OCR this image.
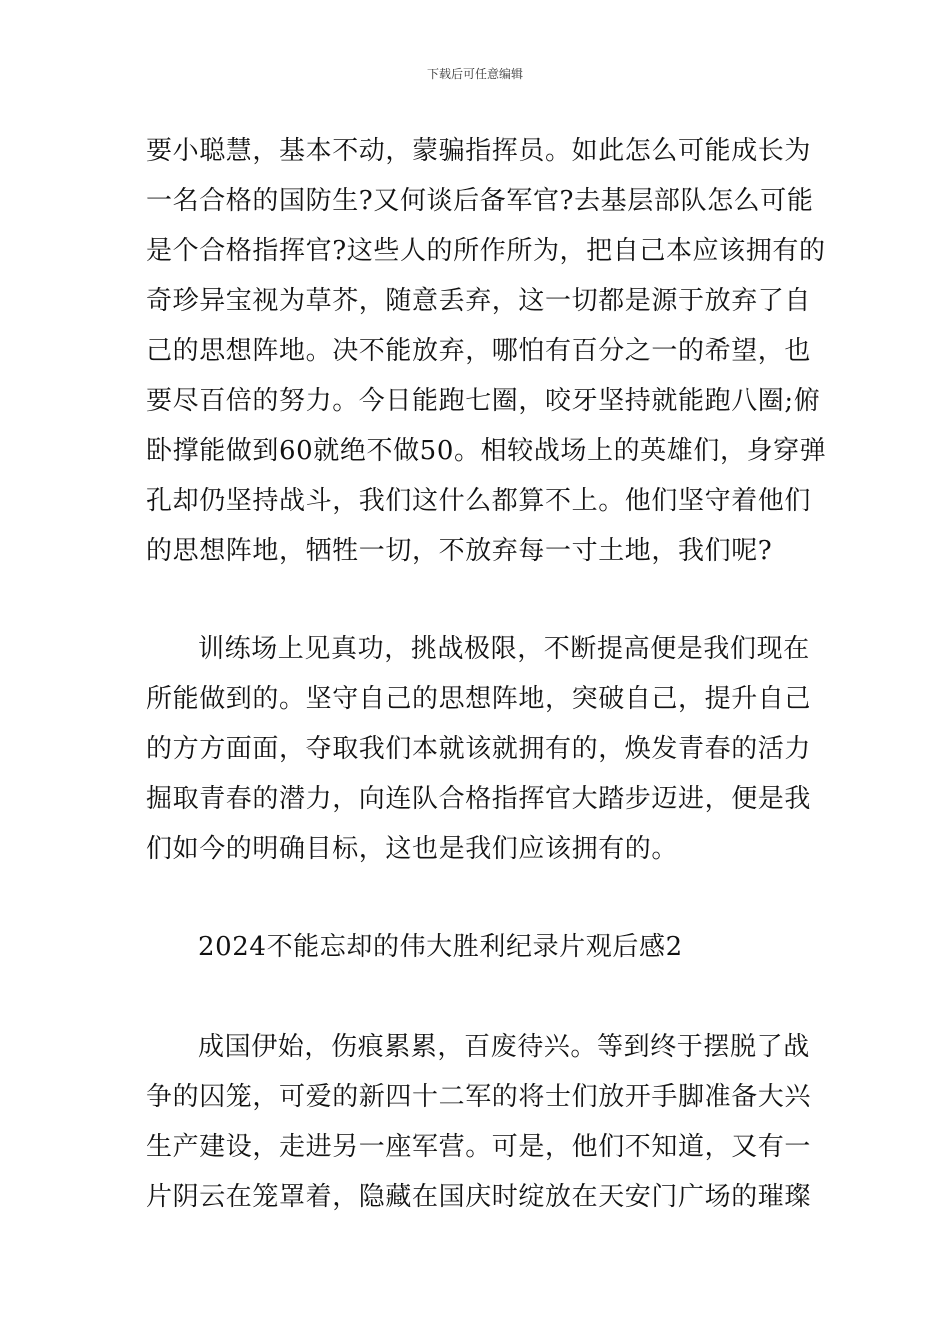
下载后可任意编辑
要小聪慧，基本不动，蒙骗指挥员。如此怎么可能成长为
一名合格的国防生?又何谈后备军官?去基层部队怎么可能
是个合格指挥官?这些人的所作所为，把自己本应该拥有的
奇珍异宝视为草芥，随意丢弃，这一切都是源于放弃了自
己的思想阵地。决不能放弃，哪怕有百分之一的希望，也
要尽百倍的努力。今日能跑七圈，咬牙坚持就能跑八圈;俯
卧撑能做到60就绝不做50。相较战场上的英雄们，身穿弹
孔却仍坚持战斗，我们这什么都算不上。他们坚守着他们
的思想阵地，牺牲一切，不放弃每一寸土地，我们呢?
训练场上见真功，挑战极限，不断提高便是我们现在
所能做到的。坚守自己的思想阵地，突破自己，提升自己
的方方面面，夺取我们本就该就拥有的，焕发青春的活力
掘取青春的潜力，向连队合格指挥官大踏步迈进，便是我
们如今的明确目标，这也是我们应该拥有的。
2024不能忘却的伟大胜利纪录片观后感2
成国伊始，伤痕累累，百废待兴。等到终于摆脱了战
争的囚笼，可爱的新四十二军的将士们放开手脚准备大兴
生产建设，走进另一座军营。可是，他们不知道，又有一
片阴云在笼罩着，隐藏在国庆时绽放在天安门广场的璀璨
